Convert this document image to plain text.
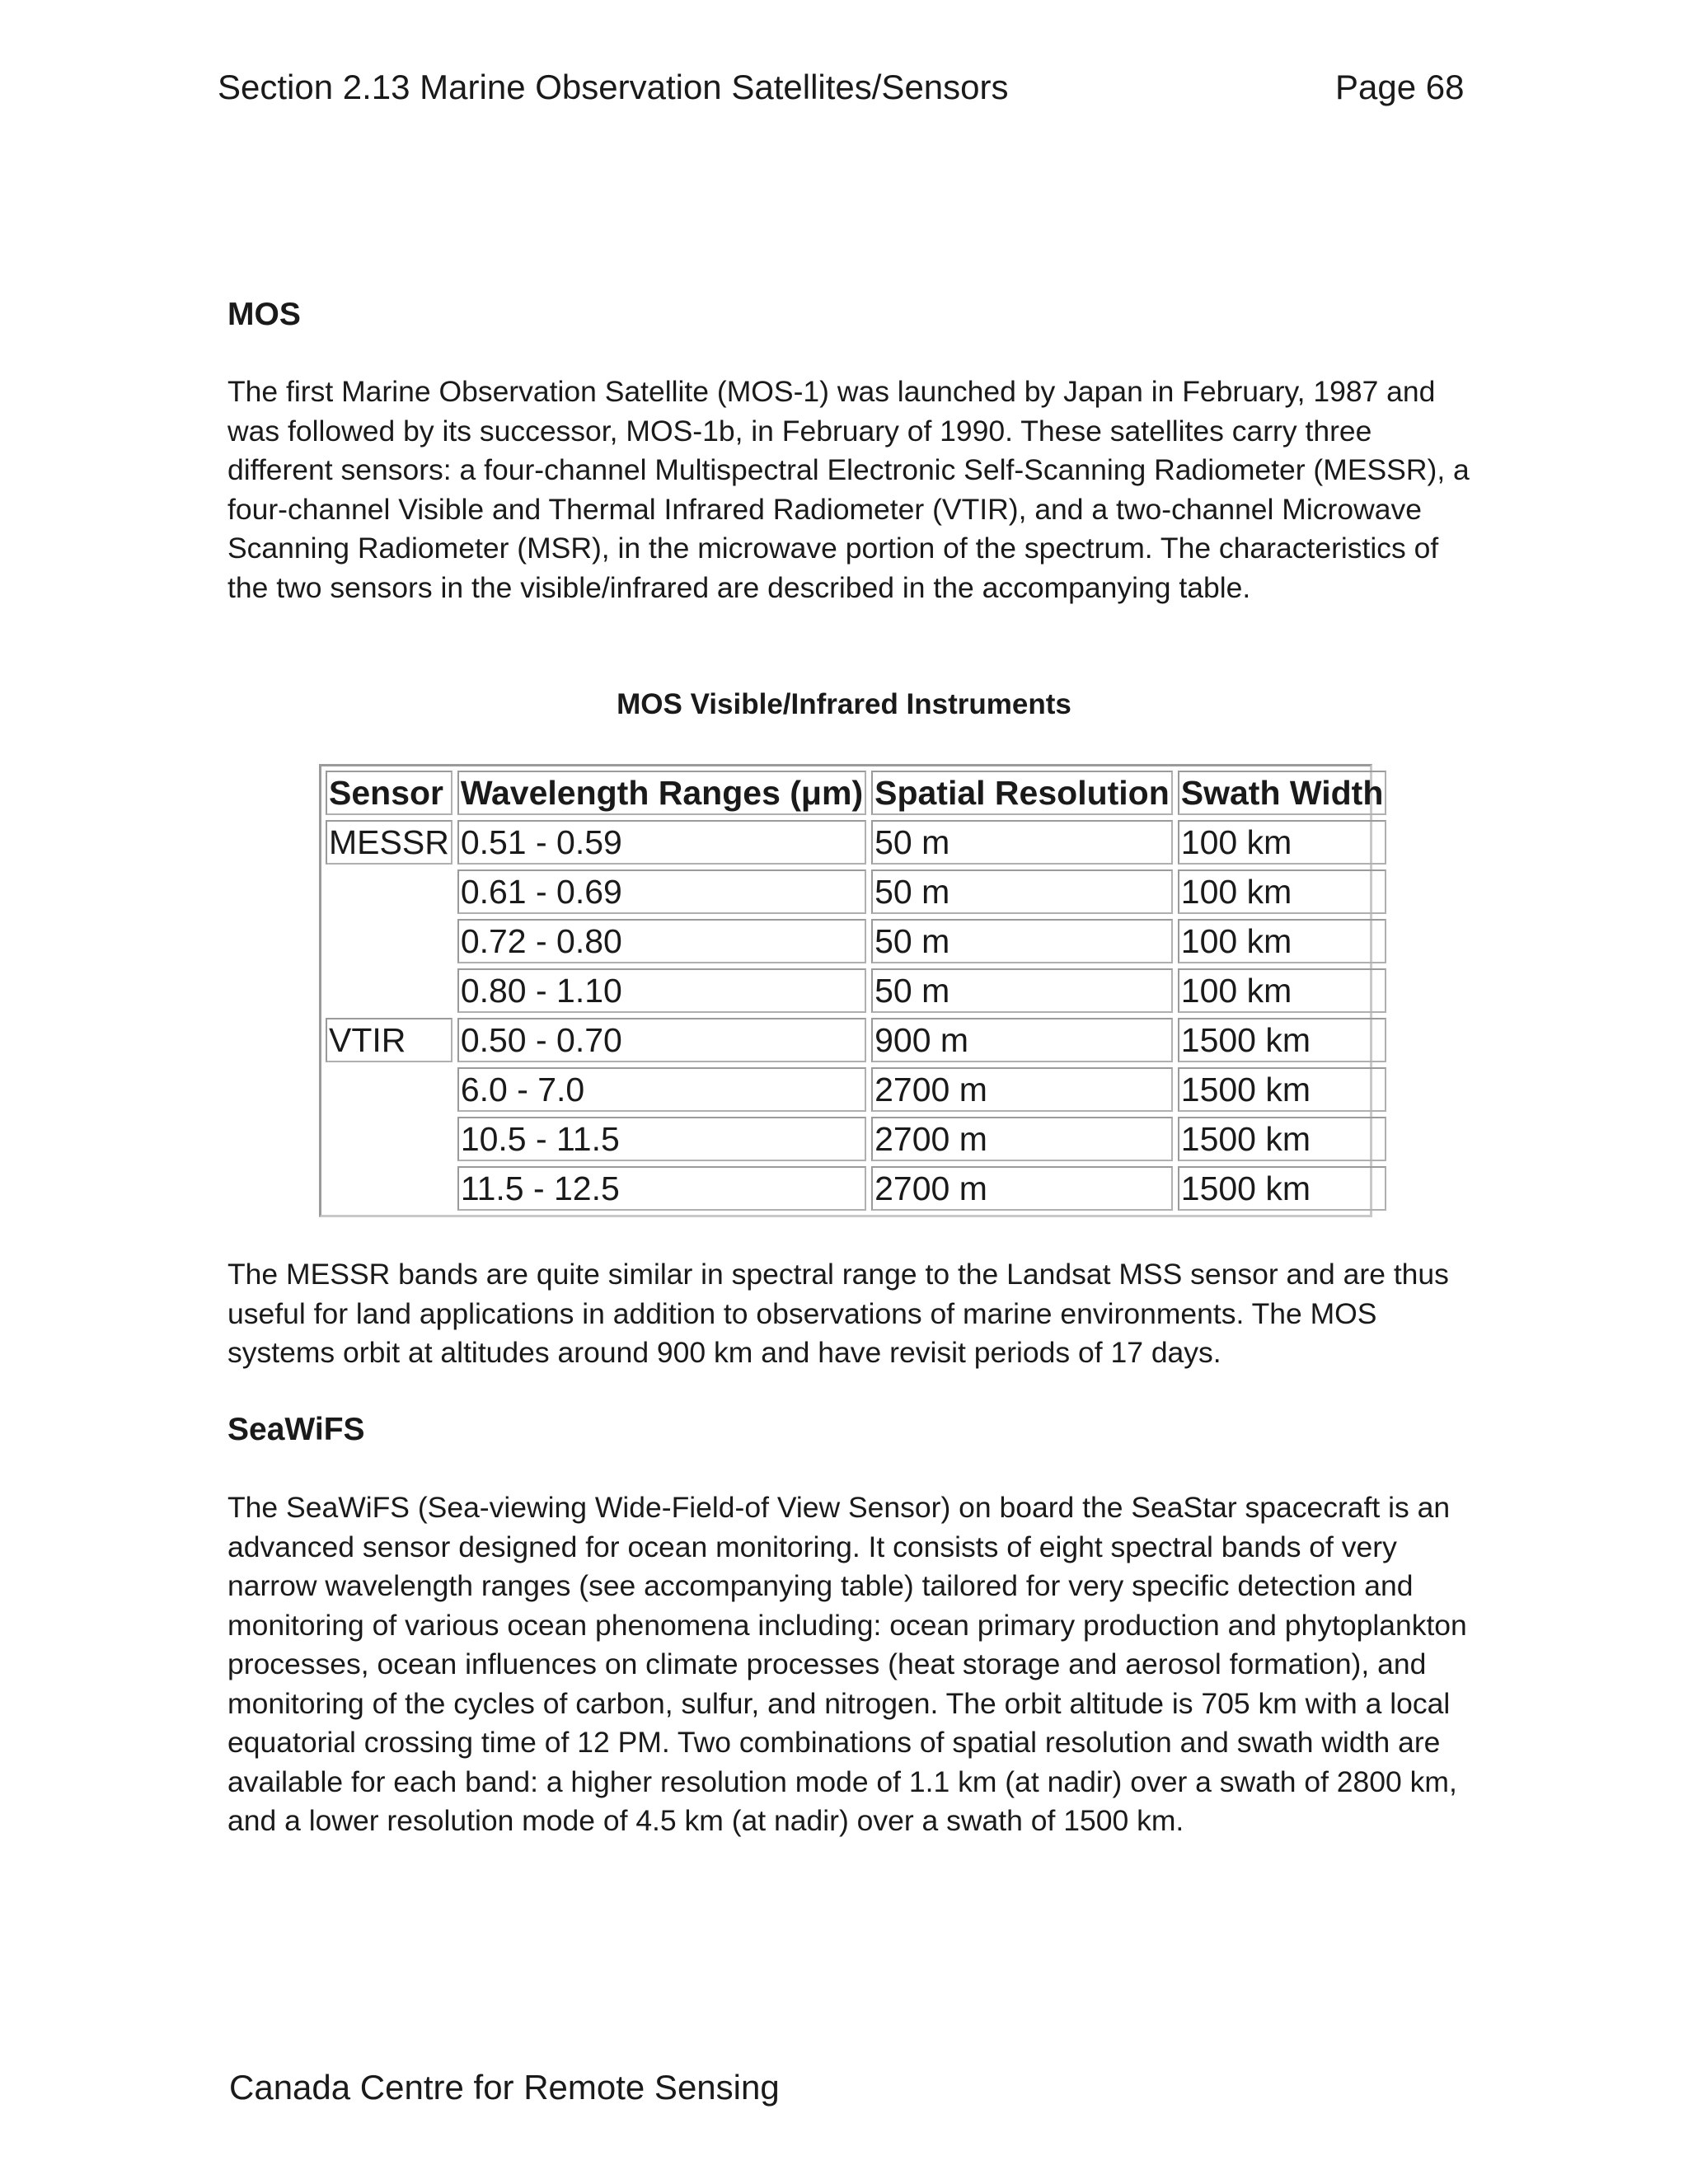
Section 2.13 Marine Observation Satellites/Sensors	Page 68
MOS

The first Marine Observation Satellite (MOS-1) was launched by Japan in February, 1987 and was followed by its successor, MOS-1b, in February of 1990. These satellites carry three different sensors: a four-channel Multispectral Electronic Self-Scanning Radiometer (MESSR), a four-channel Visible and Thermal Infrared Radiometer (VTIR), and a two-channel Microwave Scanning Radiometer (MSR), in the microwave portion of the spectrum. The characteristics of the two sensors in the visible/infrared are described in the accompanying table.

MOS Visible/Infrared Instruments

Sensor	Wavelength Ranges (μm)	Spatial Resolution	Swath Width
MESSR	0.51 - 0.59	50 m	100 km
	0.61 - 0.69	50 m	100 km
	0.72 - 0.80	50 m	100 km
	0.80 - 1.10	50 m	100 km
VTIR	0.50 - 0.70	900 m	1500 km
	6.0 - 7.0	2700 m	1500 km
	10.5 - 11.5	2700 m	1500 km
	11.5 - 12.5	2700 m	1500 km

The MESSR bands are quite similar in spectral range to the Landsat MSS sensor and are thus useful for land applications in addition to observations of marine environments. The MOS systems orbit at altitudes around 900 km and have revisit periods of 17 days.

SeaWiFS

The SeaWiFS (Sea-viewing Wide-Field-of View Sensor) on board the SeaStar spacecraft is an advanced sensor designed for ocean monitoring. It consists of eight spectral bands of very narrow wavelength ranges (see accompanying table) tailored for very specific detection and monitoring of various ocean phenomena including: ocean primary production and phytoplankton processes, ocean influences on climate processes (heat storage and aerosol formation), and monitoring of the cycles of carbon, sulfur, and nitrogen. The orbit altitude is 705 km with a local equatorial crossing time of 12 PM. Two combinations of spatial resolution and swath width are available for each band: a higher resolution mode of 1.1 km (at nadir) over a swath of 2800 km, and a lower resolution mode of 4.5 km (at nadir) over a swath of 1500 km.

Canada Centre for Remote Sensing
